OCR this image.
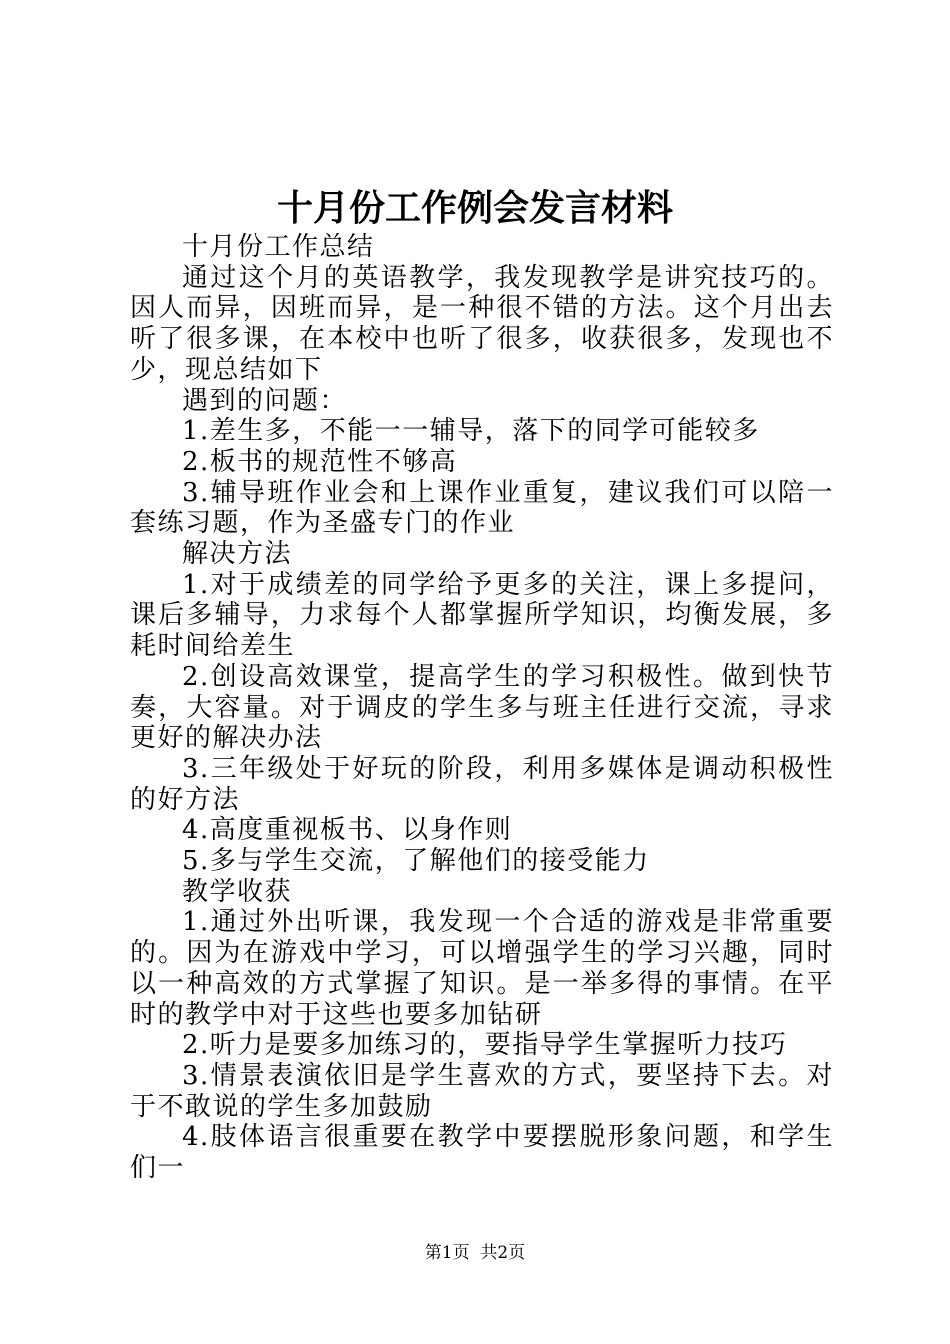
十月份工作例会发言材料

十月份工作总结

通过这个月的英语教学，我发现教学是讲究技巧的。因人而异，因班而异，是一种很不错的方法。这个月出去听了很多课，在本校中也听了很多，收获很多，发现也不少，现总结如下

遇到的问题：

1.差生多，不能一一辅导，落下的同学可能较多

2.板书的规范性不够高

3.辅导班作业会和上课作业重复，建议我们可以陪一套练习题，作为圣盛专门的作业

解决方法

1.对于成绩差的同学给予更多的关注，课上多提问，课后多辅导，力求每个人都掌握所学知识，均衡发展，多耗时间给差生

2.创设高效课堂，提高学生的学习积极性。做到快节奏，大容量。对于调皮的学生多与班主任进行交流，寻求更好的解决办法

3.三年级处于好玩的阶段，利用多媒体是调动积极性的好方法

4.高度重视板书、以身作则

5.多与学生交流，了解他们的接受能力

教学收获

1.通过外出听课，我发现一个合适的游戏是非常重要的。因为在游戏中学习，可以增强学生的学习兴趣，同时以一种高效的方式掌握了知识。是一举多得的事情。在平时的教学中对于这些也要多加钻研

2.听力是要多加练习的，要指导学生掌握听力技巧

3.情景表演依旧是学生喜欢的方式，要坚持下去。对于不敢说的学生多加鼓励

4.肢体语言很重要在教学中要摆脱形象问题，和学生们一

第1页  共2页
